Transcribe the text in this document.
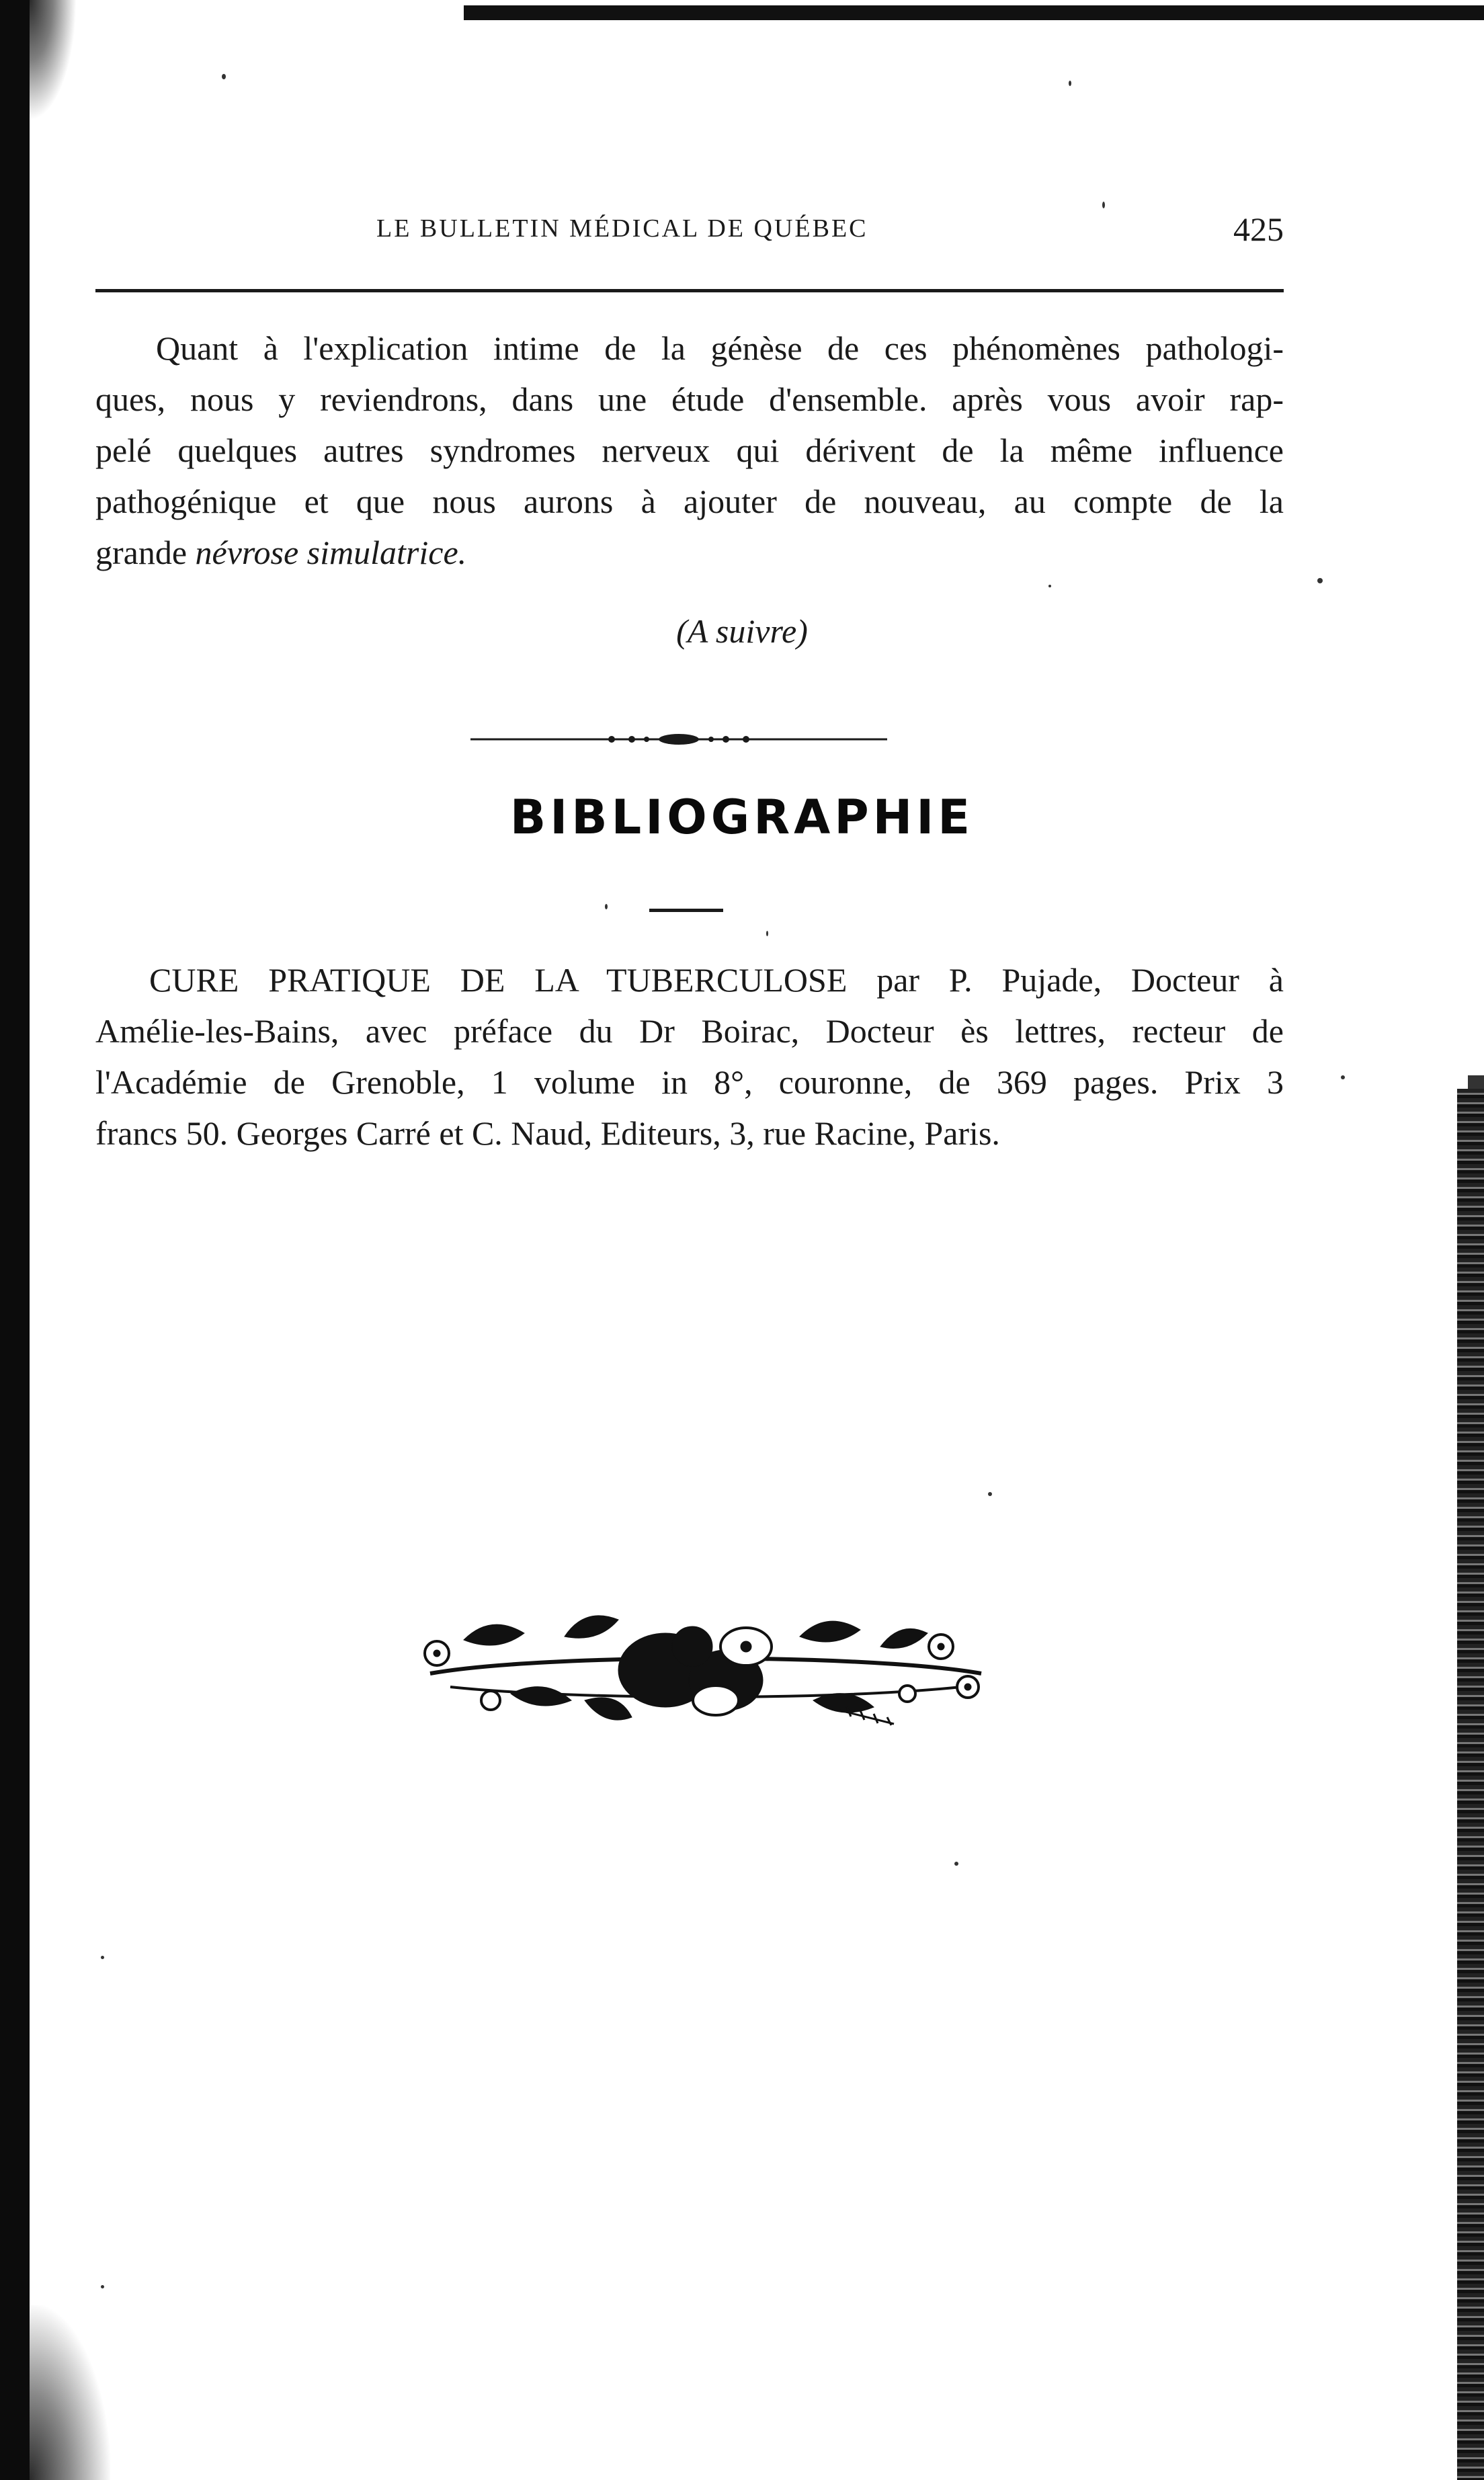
LE BULLETIN MÉDICAL DE QUÉBEC	425
Quant à l'explication intime de la génèse de ces phénomènes pathologi-
ques, nous y reviendrons, dans une étude d'ensemble. après vous avoir rap-
pelé quelques autres syndromes nerveux qui dérivent de la même influence
pathogénique et que nous aurons à ajouter de nouveau, au compte de la
grande névrose simulatrice.
(A suivre)
BIBLIOGRAPHIE
CURE PRATIQUE DE LA TUBERCULOSE par P. Pujade, Docteur à
Amélie-les-Bains, avec préface du Dr Boirac, Docteur ès lettres, recteur de
l'Académie de Grenoble, 1 volume in 8°, couronne, de 369 pages. Prix 3
francs 50. Georges Carré et C. Naud, Editeurs, 3, rue Racine, Paris.
